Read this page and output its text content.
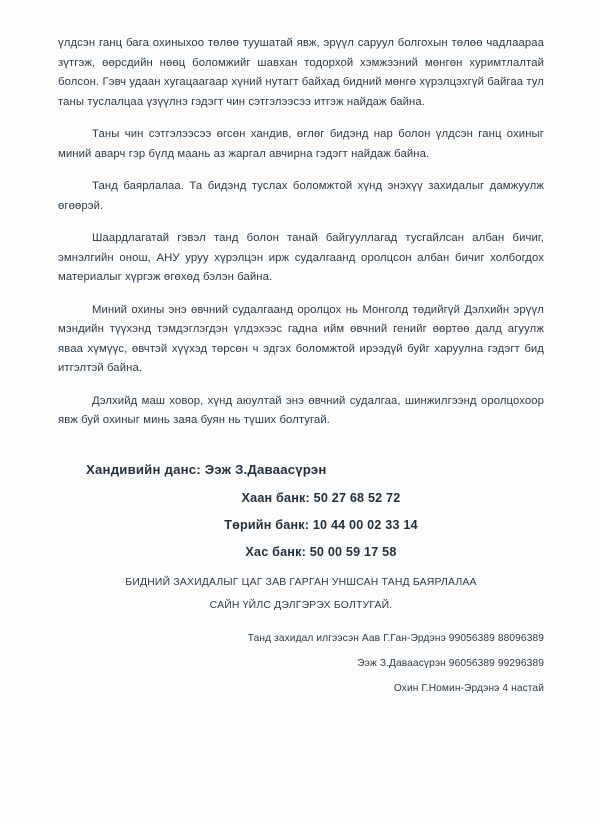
үлдсэн ганц бага охиныхоо төлөө туушатай явж, эрүүл саруул болгохын төлөө чадлаараа зүтгэж, өөрсдийн нөөц боломжийг шавхан тодорхой хэмжээний мөнгөн хуримтлалтай болсон. Гэвч удаан хугацаагаар хүний нутагт байхад бидний мөнгө хүрэлцэхгүй байгаа тул таны туслалцаа үзүүлнэ гэдэгт чин сэтгэлээсээ итгэж найдаж байна.

Таны чин сэтгэлээсээ өгсөн хандив, өглөг бидэнд нар болон үлдсэн ганц охиныг миний аварч гэр бүлд маань аз жаргал авчирна гэдэгт найдаж байна.

Танд баярлалаа. Та бидэнд туслах боломжтой хүнд энэхүү захидалыг дамжуулж өгөөрэй.

Шаардлагатай гэвэл танд болон танай байгууллагад тусгайлсан албан бичиг, эмнэлгийн онош, АНУ уруу хүрэлцэн ирж судалгаанд оролцсон албан бичиг холбогдох материалыг хүргэж өгөхөд бэлэн байна.

Миний охины энэ өвчний судалгаанд оролцох нь Монголд төдийгүй Дэлхийн эрүүл мэндийн түүхэнд тэмдэглэгдэн үлдэхээс гадна ийм өвчний генийг өөртөө далд агуулж яваа хүмүүс, өвчтэй хүүхэд төрсөн ч эдгэх боломжтой ирээдүй буйг харуулна гэдэгт бид итгэлтэй байна.

Дэлхийд маш ховор, хүнд аюултай энэ өвчний судалгаа, шинжилгээнд оролцохоор явж буй охиныг минь заяа буян нь түших болтугай.

Хандивийн данс: Ээж З.Даваасүрэн
Хаан банк: 50 27 68 52 72
Төрийн банк: 10 44 00 02 33 14
Хас банк: 50 00 59 17 58
БИДНИЙ ЗАХИДАЛЫГ ЦАГ ЗАВ ГАРГАН УНШСАН ТАНД БАЯРЛАЛАА
САЙН ҮЙЛС ДЭЛГЭРЭХ БОЛТУГАЙ.
Танд захидал илгээсэн Аав Г.Ган-Эрдэнэ 99056389 88096389
Ээж З.Даваасүрэн 96056389 99296389
Охин Г.Номин-Эрдэнэ 4 настай
